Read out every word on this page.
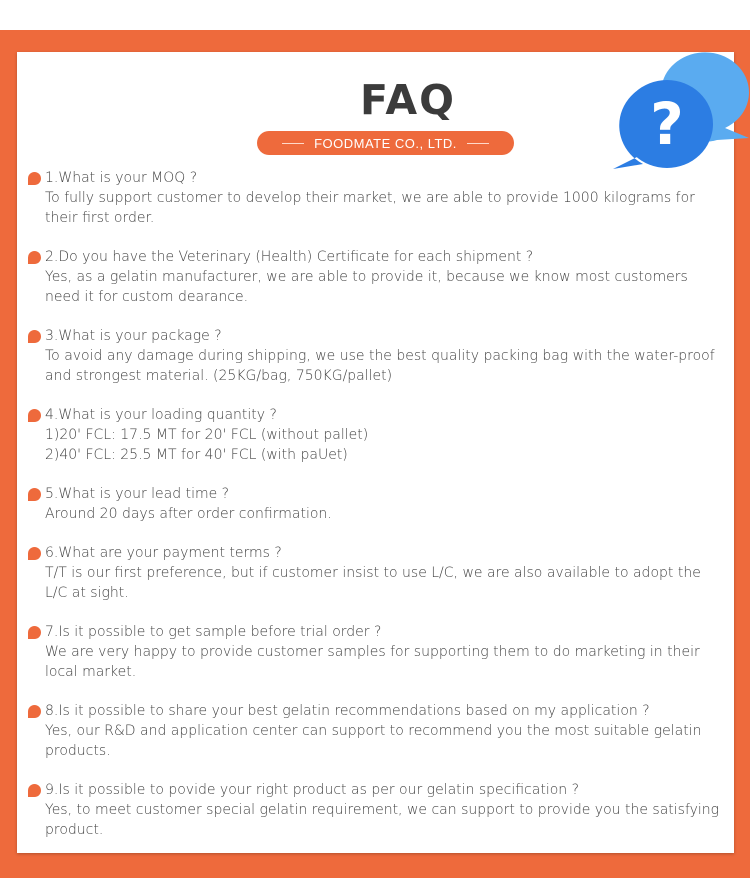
FAQ
FOODMATE CO., LTD.	?

1.What is your MOQ ?

To fully support customer to develop their market, we are able to provide 1000 kilograms for

their first order.

2.Do you have the Veterinary (Health) Certificate for each shipment ?

Yes, as a gelatin manufacturer, we are able to provide it, because we know most customers

need it for custom dearance.

3.What is your package ?

To avoid any damage during shipping, we use the best quality packing bag with the water-proof

and strongest material. (25KG/bag, 750KG/pallet)

4.What is your loading quantity ?

1)20' FCL: 17.5 MT for 20' FCL (without pallet)

2)40' FCL: 25.5 MT for 40' FCL (with paUet)

5.What is your lead time ?

Around 20 days after order confirmation.

6.What are your payment terms ?

T/T is our first preference, but if customer insist to use L/C, we are also available to adopt the

L/C at sight.

7.Is it possible to get sample before trial order ?

We are very happy to provide customer samples for supporting them to do marketing in their

local market.

8.Is it possible to share your best gelatin recommendations based on my application ?

Yes, our R&D and application center can support to recommend you the most suitable gelatin

products.

9.Is it possible to povide your right product as per our gelatin specification ?

Yes, to meet customer special gelatin requirement, we can support to provide you the satisfying

product.
